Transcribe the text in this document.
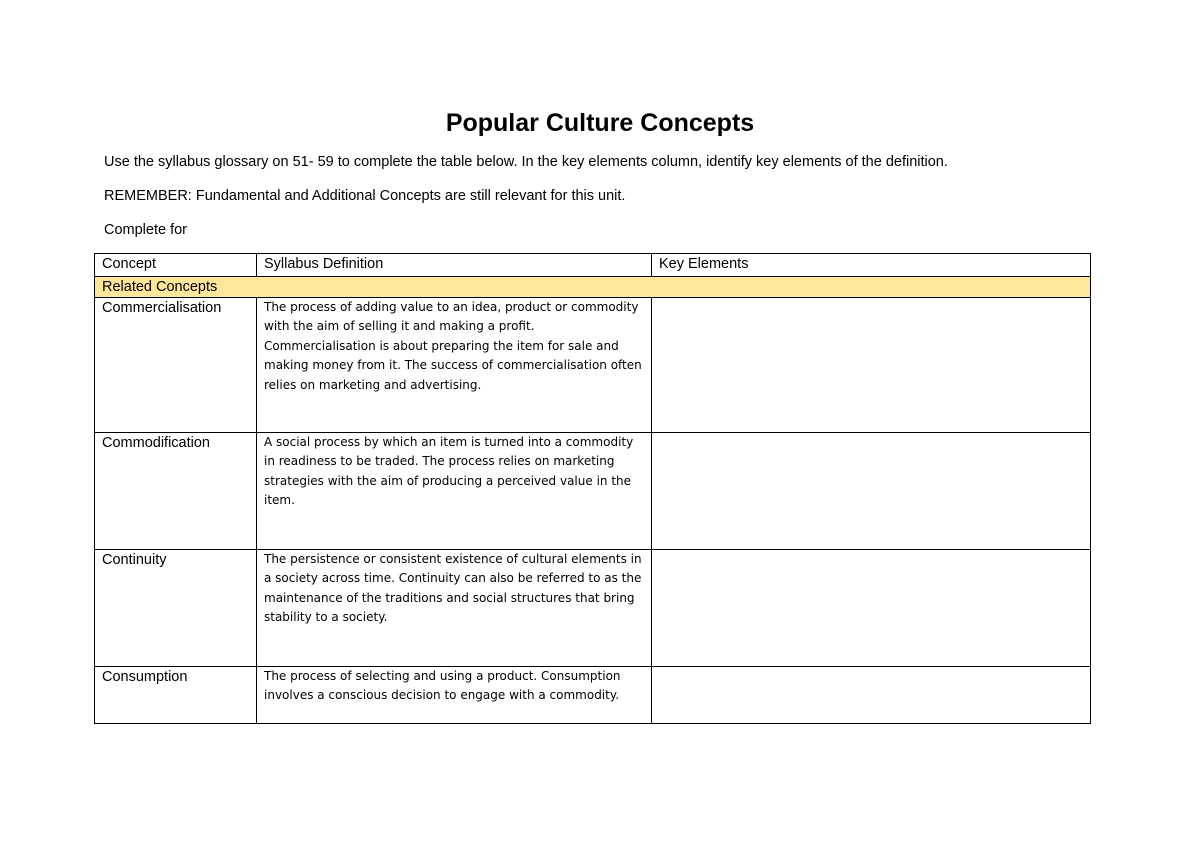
Popular Culture Concepts

Use the syllabus glossary on 51- 59 to complete the table below. In the key elements column, identify key elements of the definition.

REMEMBER: Fundamental and Additional Concepts are still relevant for this unit.

Complete for

Concept	Syllabus Definition	Key Elements
Related Concepts		
Commercialisation	The process of adding value to an idea, product or commodity with the aim of selling it and making a profit. Commercialisation is about preparing the item for sale and making money from it. The success of commercialisation often relies on marketing and advertising.	
Commodification	A social process by which an item is turned into a commodity in readiness to be traded. The process relies on marketing strategies with the aim of producing a perceived value in the item.	
Continuity	The persistence or consistent existence of cultural elements in a society across time. Continuity can also be referred to as the maintenance of the traditions and social structures that bring stability to a society.	
Consumption	The process of selecting and using a product. Consumption involves a conscious decision to engage with a commodity.	
